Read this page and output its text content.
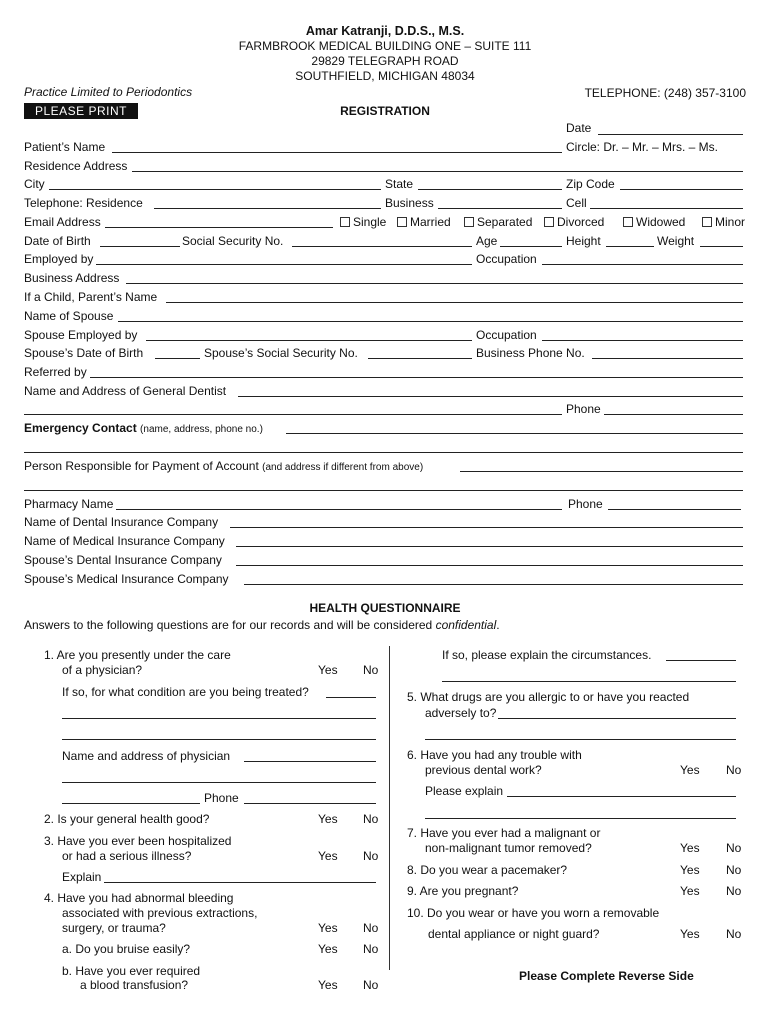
Amar Katranji, D.D.S., M.S.
FARMBROOK MEDICAL BUILDING ONE – SUITE 111
29829 TELEGRAPH ROAD
SOUTHFIELD, MICHIGAN 48034
Practice Limited to Periodontics	TELEPHONE: (248) 357-3100
PLEASE PRINT	REGISTRATION
Date
Patient’s Name	Circle: Dr. – Mr. – Mrs. – Ms.
Residence Address
City	State	Zip Code
Telephone: Residence	Business	Cell
Email Address	Single	Married	Separated	Divorced	Widowed	Minor
Date of Birth	Social Security No.	Age	Height	Weight
Employed by	Occupation
Business Address
If a Child, Parent’s Name
Name of Spouse
Spouse Employed by	Occupation
Spouse’s Date of Birth	Spouse’s Social Security No.	Business Phone No.
Referred by
Name and Address of General Dentist
Phone
Emergency Contact (name, address, phone no.)
Person Responsible for Payment of Account (and address if different from above)
Pharmacy Name	Phone
Name of Dental Insurance Company
Name of Medical Insurance Company
Spouse’s Dental Insurance Company
Spouse’s Medical Insurance Company
HEALTH QUESTIONNAIRE
Answers to the following questions are for our records and will be considered confidential.
1. Are you presently under the care
of a physician?	Yes No
If so, for what condition are you being treated?
Name and address of physician
Phone
2. Is your general health good?	Yes No
3. Have you ever been hospitalized
or had a serious illness?	Yes No
Explain
4. Have you had abnormal bleeding
associated with previous extractions,
surgery, or trauma?	Yes No
a. Do you bruise easily?	Yes No
b. Have you ever required
a blood transfusion?	Yes No
If so, please explain the circumstances.
5. What drugs are you allergic to or have you reacted
adversely to?
6. Have you had any trouble with
previous dental work?	Yes No
Please explain
7. Have you ever had a malignant or
non-malignant tumor removed?	Yes No
8. Do you wear a pacemaker?	Yes No
9. Are you pregnant?	Yes No
10. Do you wear or have you worn a removable
dental appliance or night guard?	Yes No
Please Complete Reverse Side
